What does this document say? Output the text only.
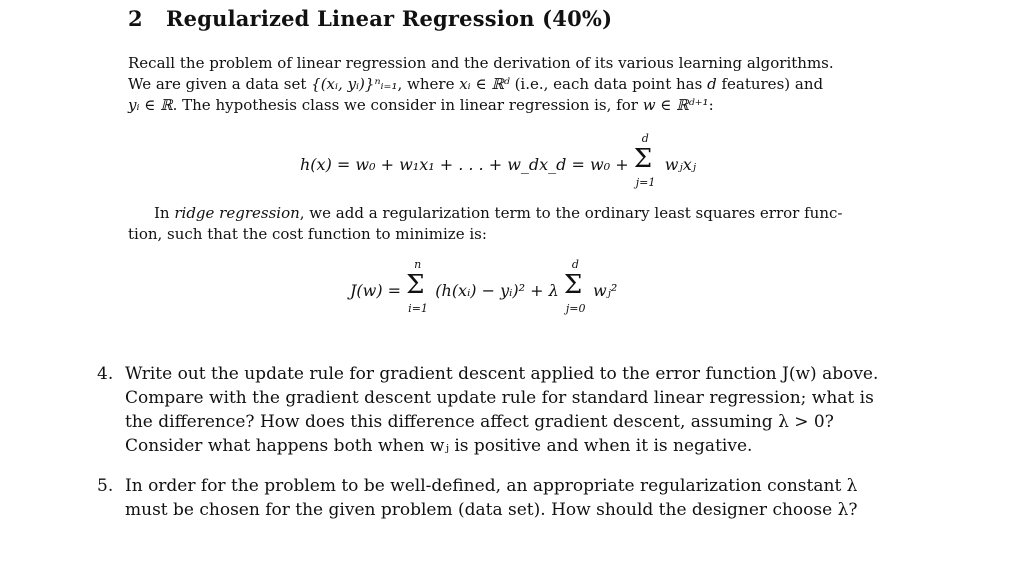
2 Regularized Linear Regression (40%)
Recall the problem of linear regression and the derivation of its various learning algorithms.
We are given a data set {(xᵢ, yᵢ)}ⁿᵢ₌₁, where xᵢ ∈ ℝᵈ (i.e., each data point has d features) and
yᵢ ∈ ℝ. The hypothesis class we consider in linear regression is, for w ∈ ℝᵈ⁺¹:
h(x) = w₀ + w₁x₁ + . . . + w_dx_d = w₀ + Σ
d
j=1
wⱼxⱼ
In ridge regression, we add a regularization term to the ordinary least squares error func-
tion, such that the cost function to minimize is:
J(w) = Σ
n
i=1
(h(xᵢ) − yᵢ)² + λ Σ
d
j=0
wⱼ²
4. Write out the update rule for gradient descent applied to the error function J(w) above.
Compare with the gradient descent update rule for standard linear regression; what is
the difference? How does this difference affect gradient descent, assuming λ > 0?
Consider what happens both when wⱼ is positive and when it is negative.
5. In order for the problem to be well-defined, an appropriate regularization constant λ
must be chosen for the given problem (data set). How should the designer choose λ?
